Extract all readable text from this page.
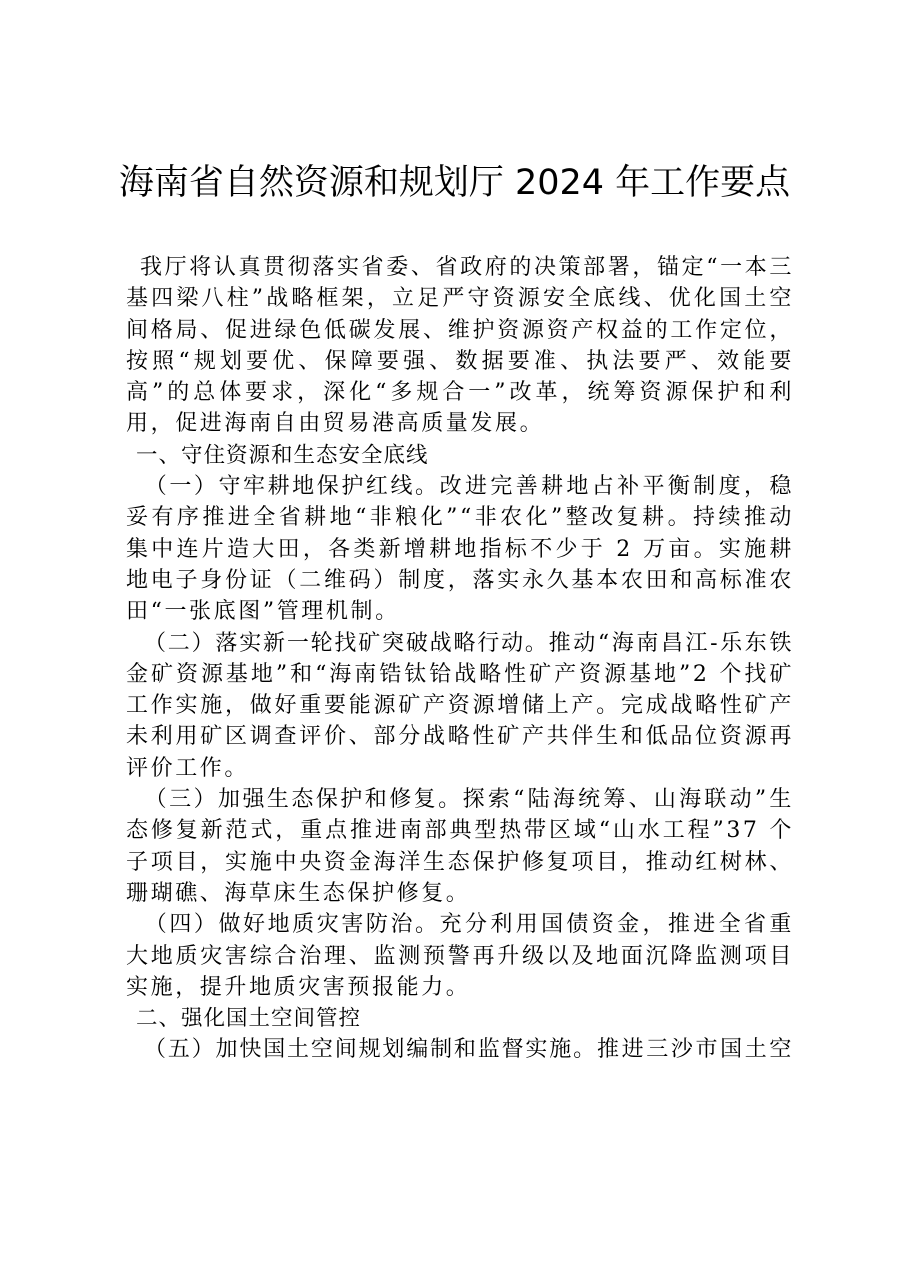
海南省自然资源和规划厅 2024 年工作要点

我厅将认真贯彻落实省委、省政府的决策部署，锚定“一本三基四梁八柱”战略框架，立足严守资源安全底线、优化国土空间格局、促进绿色低碳发展、维护资源资产权益的工作定位，按照“规划要优、保障要强、数据要准、执法要严、效能要高”的总体要求，深化“多规合一”改革，统筹资源保护和利用，促进海南自由贸易港高质量发展。

一、守住资源和生态安全底线

（一）守牢耕地保护红线。改进完善耕地占补平衡制度，稳妥有序推进全省耕地“非粮化”“非农化”整改复耕。持续推动集中连片造大田，各类新增耕地指标不少于 2 万亩。实施耕地电子身份证（二维码）制度，落实永久基本农田和高标准农田“一张底图”管理机制。

（二）落实新一轮找矿突破战略行动。推动“海南昌江-乐东铁金矿资源基地”和“海南锆钛铪战略性矿产资源基地”2 个找矿工作实施，做好重要能源矿产资源增储上产。完成战略性矿产未利用矿区调查评价、部分战略性矿产共伴生和低品位资源再评价工作。

（三）加强生态保护和修复。探索“陆海统筹、山海联动”生态修复新范式，重点推进南部典型热带区域“山水工程”37 个子项目，实施中央资金海洋生态保护修复项目，推动红树林、珊瑚礁、海草床生态保护修复。

（四）做好地质灾害防治。充分利用国债资金，推进全省重大地质灾害综合治理、监测预警再升级以及地面沉降监测项目实施，提升地质灾害预报能力。

二、强化国土空间管控

（五）加快国土空间规划编制和监督实施。推进三沙市国土空
